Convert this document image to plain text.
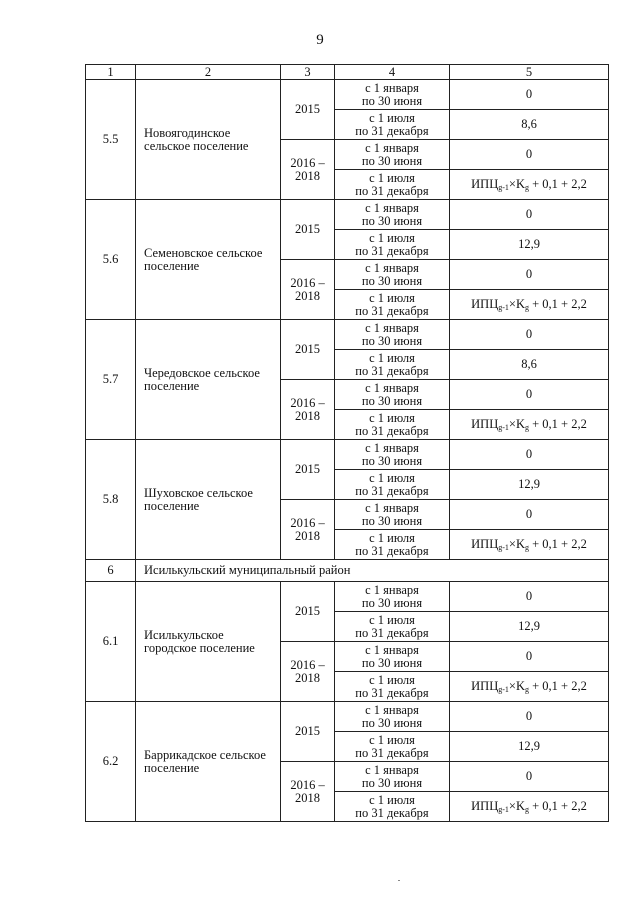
9
1	2	3	4	5
5.5	Новоягодинское сельское поселение	2015	с 1 января
по 30 июня	0

			с 1 июля
по 31 декабря	8,6

		2016 –
2018	с 1 января
по 30 июня	0

			с 1 июля
по 31 декабря	$ИПЦ_{g-1}\times K_g + 0,1 + 2,2$
5.6	Семеновское сельское поселение	2015	с 1 января
по 30 июня	0

			с 1 июля
по 31 декабря	12,9

		2016 –
2018	с 1 января
по 30 июня	0

			с 1 июля
по 31 декабря	$ИПЦ_{g-1}\times K_g + 0,1 + 2,2$
5.7	Чередовское сельское поселение	2015	с 1 января
по 30 июня	0

			с 1 июля
по 31 декабря	8,6

		2016 –
2018	с 1 января
по 30 июня	0

			с 1 июля
по 31 декабря	$ИПЦ_{g-1}\times K_g + 0,1 + 2,2$
5.8	Шуховское сельское поселение	2015	с 1 января
по 30 июня	0

			с 1 июля
по 31 декабря	12,9

		2016 –
2018	с 1 января
по 30 июня	0

			с 1 июля
по 31 декабря	$ИПЦ_{g-1}\times K_g + 0,1 + 2,2$
6	Исилькульский муниципальный район			
6.1	Исилькульское городское поселение	2015	с 1 января
по 30 июня	0

			с 1 июля
по 31 декабря	12,9

		2016 –
2018	с 1 января
по 30 июня	0

			с 1 июля
по 31 декабря	$ИПЦ_{g-1}\times K_g + 0,1 + 2,2$
6.2	Баррикадское сельское поселение	2015	с 1 января
по 30 июня	0

			с 1 июля
по 31 декабря	12,9

		2016 –
2018	с 1 января
по 30 июня	0

			с 1 июля
по 31 декабря	$ИПЦ_{g-1}\times K_g + 0,1 + 2,2$
